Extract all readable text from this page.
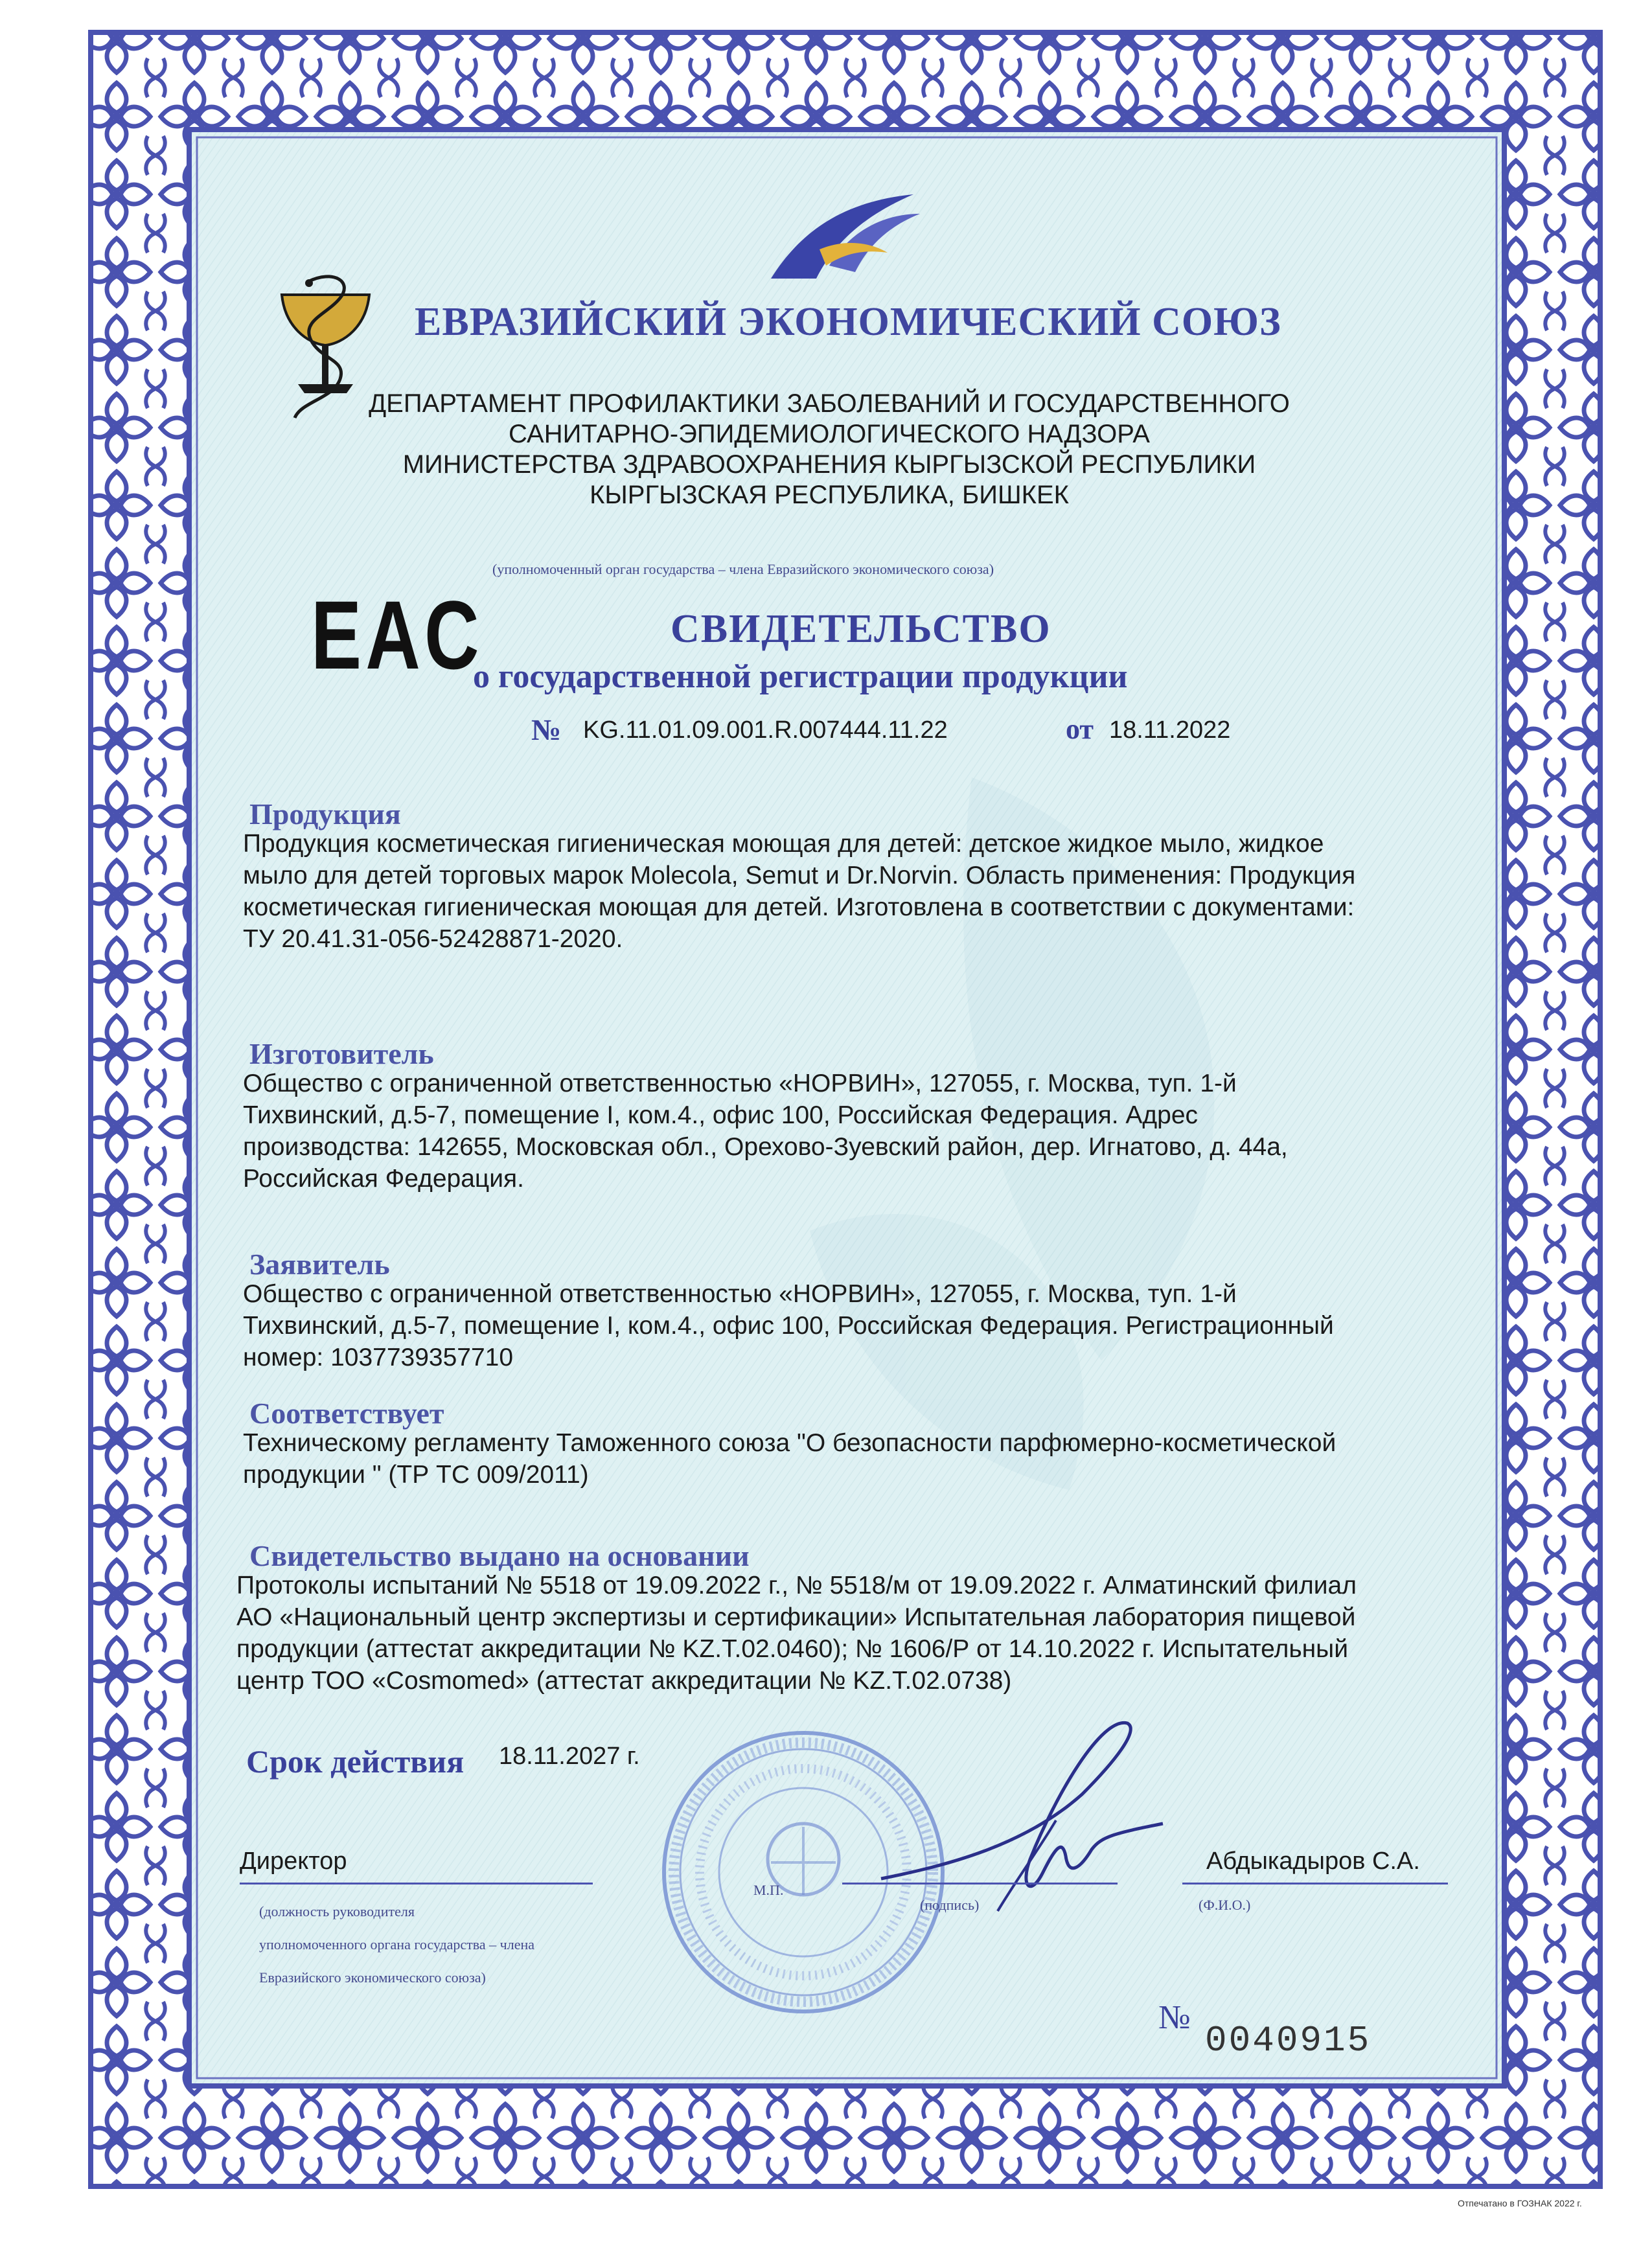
ЕВРАЗИЙСКИЙ ЭКОНОМИЧЕСКИЙ СОЮЗ
ДЕПАРТАМЕНТ ПРОФИЛАКТИКИ ЗАБОЛЕВАНИЙ И ГОСУДАРСТВЕННОГО
САНИТАРНО-ЭПИДЕМИОЛОГИЧЕСКОГО НАДЗОРА
МИНИСТЕРСТВА ЗДРАВООХРАНЕНИЯ КЫРГЫЗСКОЙ РЕСПУБЛИКИ
КЫРГЫЗСКАЯ РЕСПУБЛИКА, БИШКЕК
(уполномоченный орган государства – члена Евразийского экономического союза)
EAC	СВИДЕТЕЛЬСТВО
о государственной регистрации продукции
№ KG.11.01.09.001.R.007444.11.22	от 18.11.2022
Продукция
Продукция косметическая гигиеническая моющая для детей: детское жидкое мыло, жидкое
мыло для детей торговых марок Molecola, Semut и Dr.Norvin. Область применения: Продукция
косметическая гигиеническая моющая для детей. Изготовлена в соответствии с документами:
ТУ 20.41.31-056-52428871-2020.
Изготовитель
Общество с ограниченной ответственностью «НОРВИН», 127055, г. Москва, туп. 1-й
Тихвинский, д.5-7, помещение I, ком.4., офис 100, Российская Федерация. Адрес
производства: 142655, Московская обл., Орехово-Зуевский район, дер. Игнатово, д. 44а,
Российская Федерация.
Заявитель
Общество с ограниченной ответственностью «НОРВИН», 127055, г. Москва, туп. 1-й
Тихвинский, д.5-7, помещение I, ком.4., офис 100, Российская Федерация. Регистрационный
номер: 1037739357710
Соответствует
Техническому регламенту Таможенного союза "О безопасности парфюмерно-косметической
продукции " (ТР ТС 009/2011)
Свидетельство выдано на основании
Протоколы испытаний № 5518 от 19.09.2022 г., № 5518/м от 19.09.2022 г. Алматинский филиал
АО «Национальный центр экспертизы и сертификации» Испытательная лаборатория пищевой
продукции (аттестат аккредитации № KZ.T.02.0460); № 1606/Р от 14.10.2022 г. Испытательный
центр ТОО «Cosmomed» (аттестат аккредитации № KZ.T.02.0738)
Срок действия 18.11.2027 г.
М.П.
Директор
(должность руководителя
уполномоченного органа государства – члена
Евразийского экономического союза)
(подпись)
Абдыкадыров С.А.
(Ф.И.О.)
№
0040915
Отпечатано в ГОЗНАК 2022 г.
